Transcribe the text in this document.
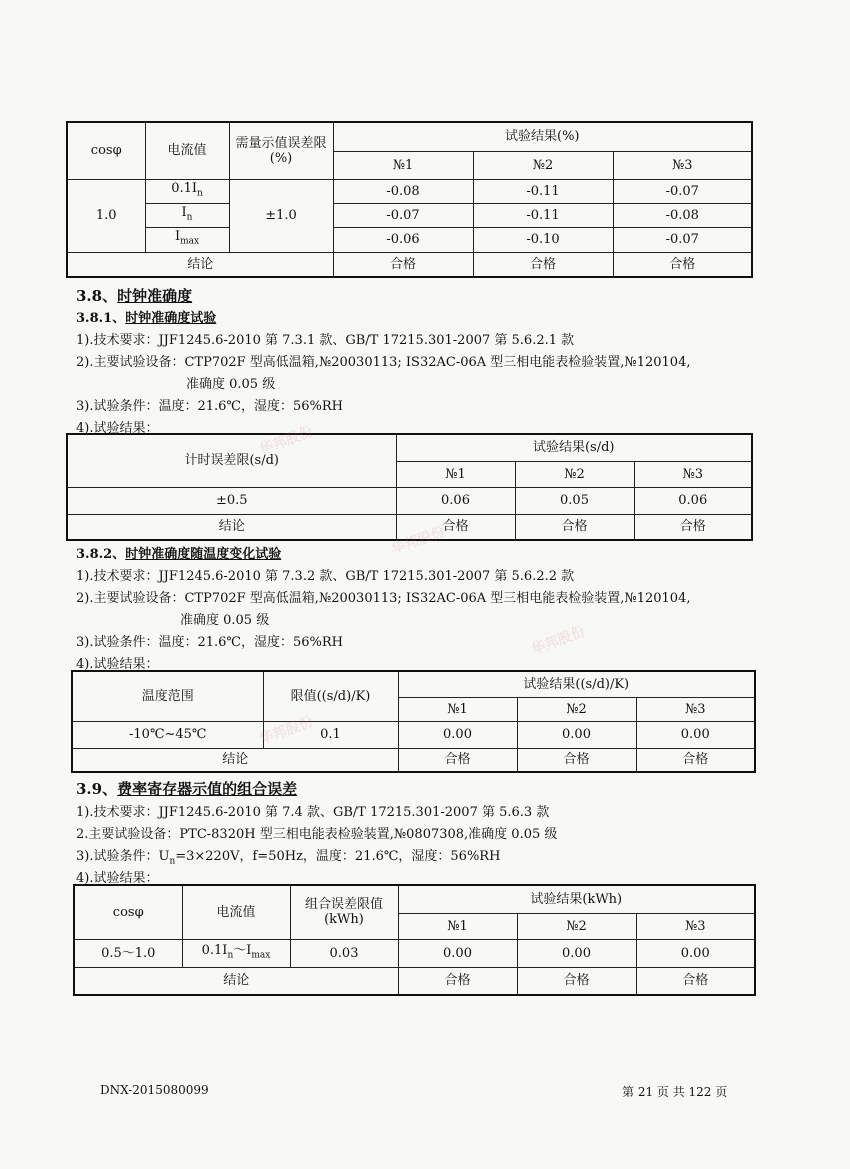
cosφ	电流值	需量示值误差限(%)	试验结果(%)		
			№1	№2	№3
1.0	$0.1I_n$	±1.0	-0.08	-0.11	-0.07
	$I_n$		-0.07	-0.11	-0.08
	$I_{max}$		-0.06	-0.10	-0.07
结论			合格	合格	合格
3.8、时钟准确度
3.8.1、时钟准确度试验
1).技术要求：JJF1245.6-2010 第 7.3.1 款、GB/T 17215.301-2007 第 5.6.2.1 款
2).主要试验设备：CTP702F 型高低温箱,№20030113; IS32AC-06A 型三相电能表检验装置,№120104,
准确度 0.05 级
3).试验条件：温度：21.6℃，湿度：56%RH
4).试验结果：
计时误差限(s/d)	试验结果(s/d)		
	№1	№2	№3
±0.5	0.06	0.05	0.06
结论	合格	合格	合格
3.8.2、时钟准确度随温度变化试验
1).技术要求：JJF1245.6-2010 第 7.3.2 款、GB/T 17215.301-2007 第 5.6.2.2 款
2).主要试验设备：CTP702F 型高低温箱,№20030113; IS32AC-06A 型三相电能表检验装置,№120104,
准确度 0.05 级
3).试验条件：温度：21.6℃，湿度：56%RH
4).试验结果：
温度范围	限值((s/d)/K)	试验结果((s/d)/K)		
		№1	№2	№3
-10℃~45℃	0.1	0.00	0.00	0.00
结论		合格	合格	合格
3.9、费率寄存器示值的组合误差
1).技术要求：JJF1245.6-2010 第 7.4 款、GB/T 17215.301-2007 第 5.6.3 款
2.主要试验设备：PTC-8320H 型三相电能表检验装置,№0807308,准确度 0.05 级
3).试验条件：$U_n=3\times 220V$，f=50Hz，温度：21.6℃，湿度：56%RH
4).试验结果：
cosφ	电流值	组合误差限值(kWh)	试验结果(kWh)		
			№1	№2	№3
0.5～1.0	$0.1I_n\sim I_{max}$	0.03	0.00	0.00	0.00
结论			合格	合格	合格
华邦股份
华邦股份
华邦股份
华邦股份
DNX-2015080099	第 21 页 共 122 页
